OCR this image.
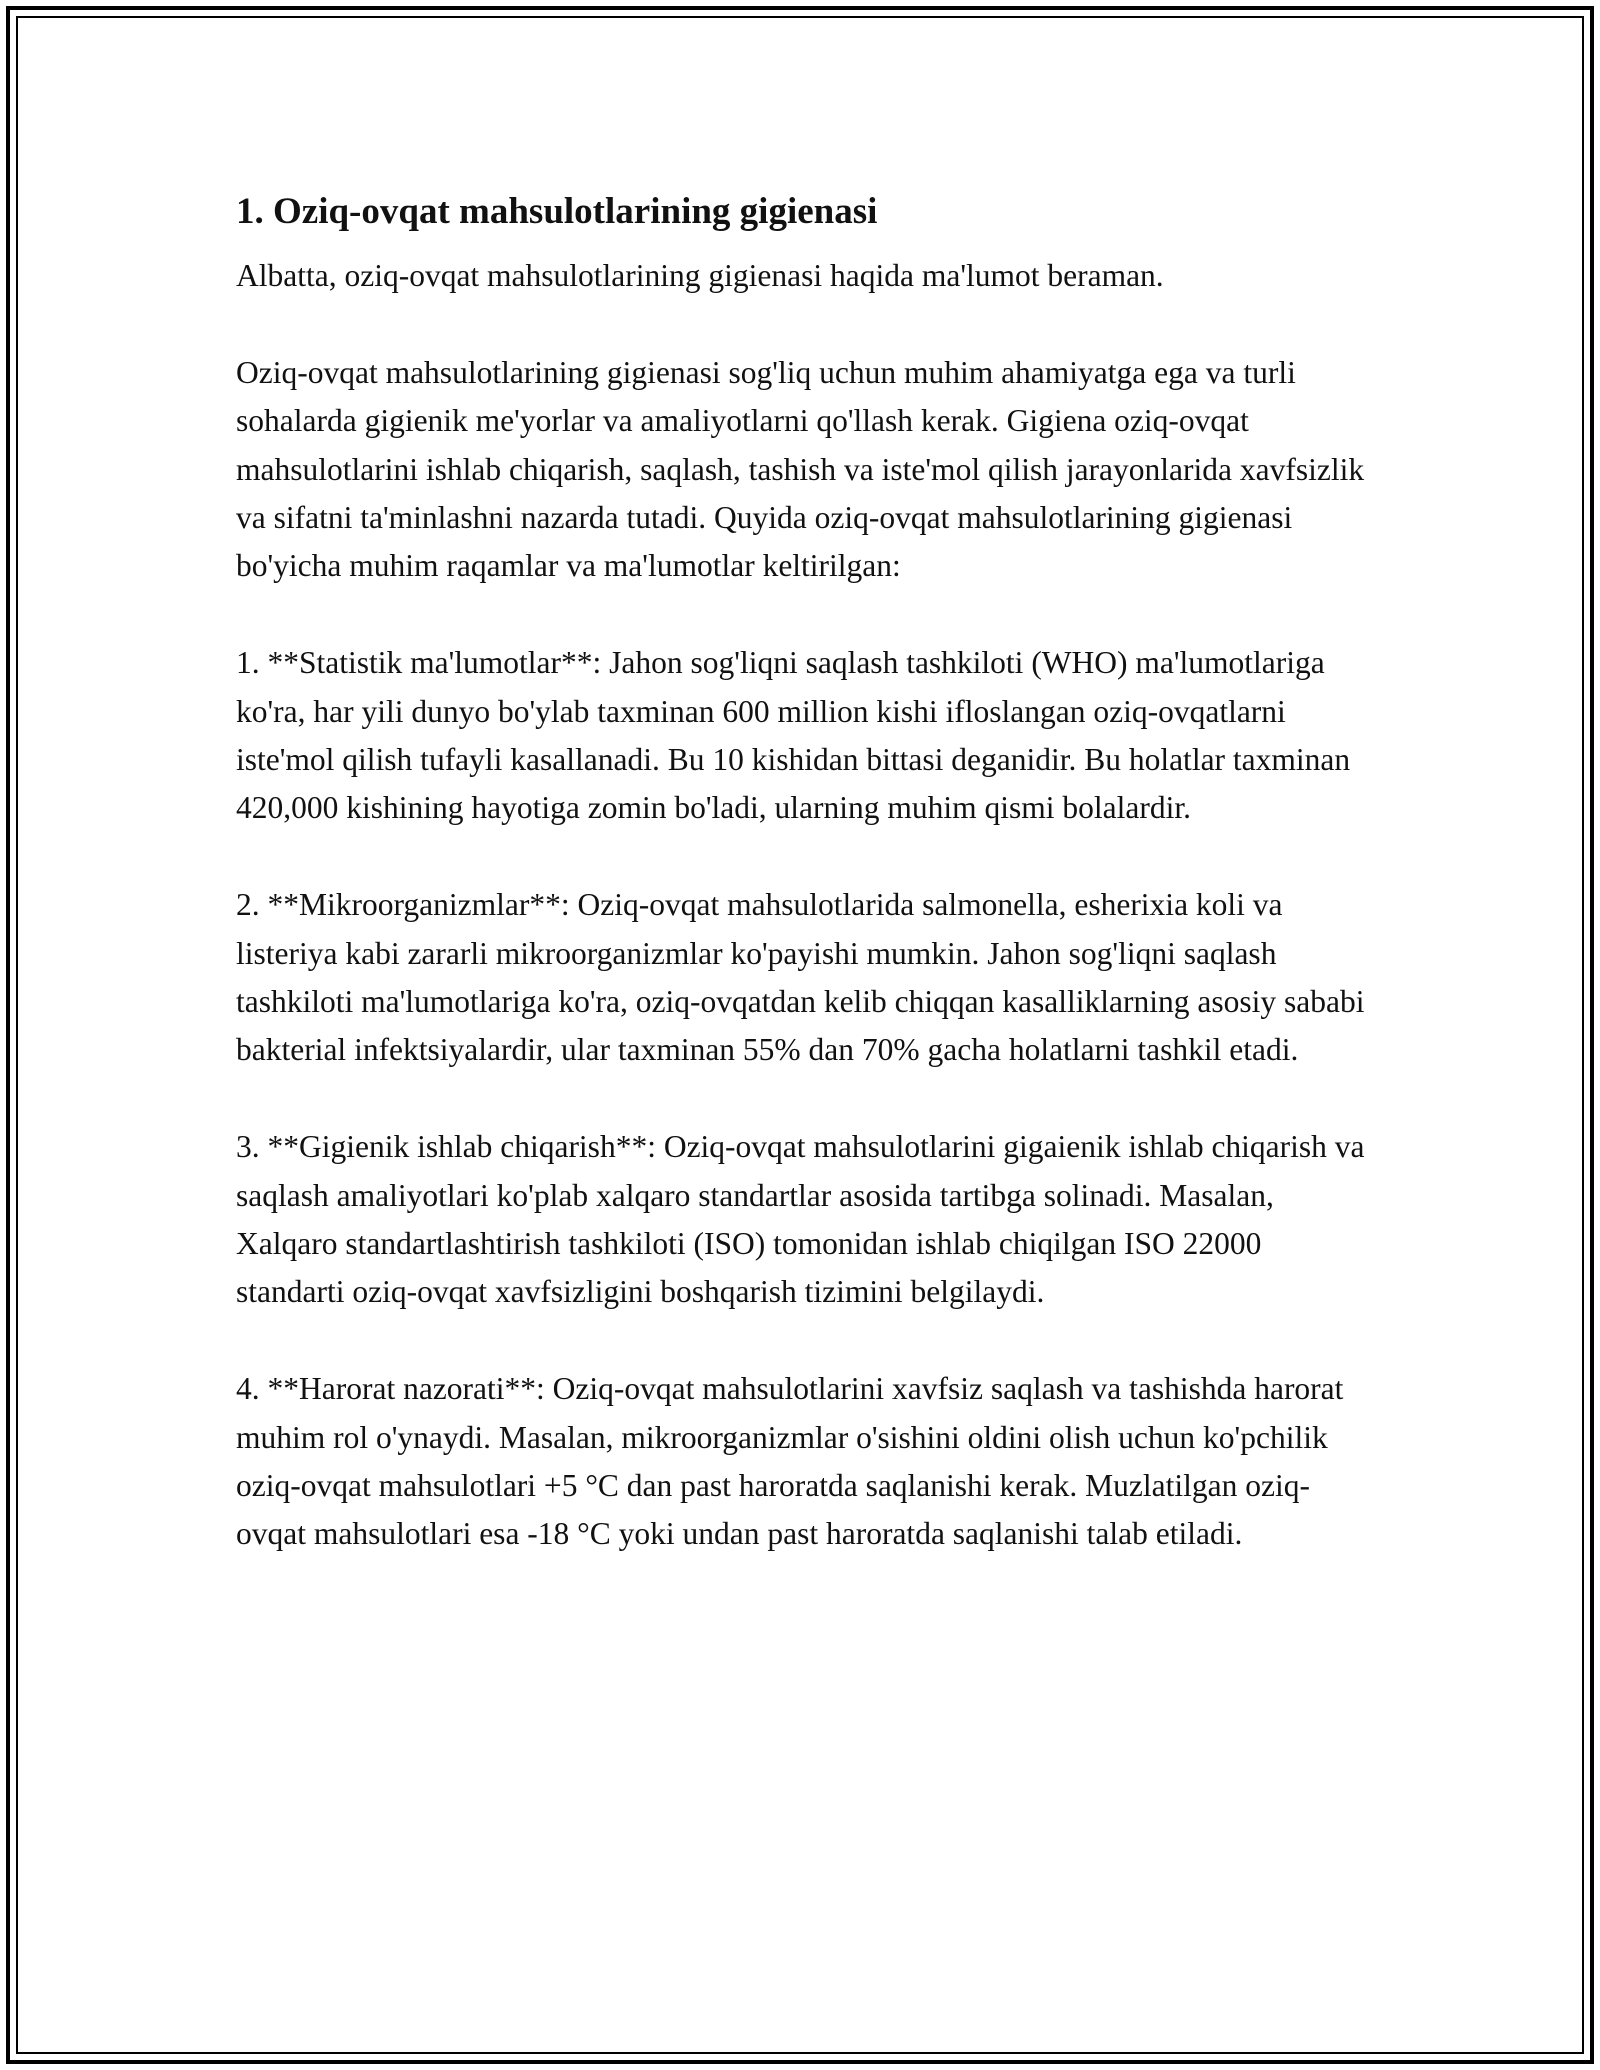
1. Oziq-ovqat mahsulotlarining gigienasi

Albatta, oziq-ovqat mahsulotlarining gigienasi haqida ma'lumot beraman.

Oziq-ovqat mahsulotlarining gigienasi sog'liq uchun muhim ahamiyatga ega va turli sohalarda gigienik me'yorlar va amaliyotlarni qo'llash kerak. Gigiena oziq-ovqat mahsulotlarini ishlab chiqarish, saqlash, tashish va iste'mol qilish jarayonlarida xavfsizlik va sifatni ta'minlashni nazarda tutadi. Quyida oziq-ovqat mahsulotlarining gigienasi bo'yicha muhim raqamlar va ma'lumotlar keltirilgan:

1. **Statistik ma'lumotlar**: Jahon sog'liqni saqlash tashkiloti (WHO) ma'lumotlariga ko'ra, har yili dunyo bo'ylab taxminan 600 million kishi ifloslangan oziq-ovqatlarni iste'mol qilish tufayli kasallanadi. Bu 10 kishidan bittasi deganidir. Bu holatlar taxminan 420,000 kishining hayotiga zomin bo'ladi, ularning muhim qismi bolalardir.

2. **Mikroorganizmlar**: Oziq-ovqat mahsulotlarida salmonella, esherixia koli va listeriya kabi zararli mikroorganizmlar ko'payishi mumkin. Jahon sog'liqni saqlash tashkiloti ma'lumotlariga ko'ra, oziq-ovqatdan kelib chiqqan kasalliklarning asosiy sababi bakterial infektsiyalardir, ular taxminan 55% dan 70% gacha holatlarni tashkil etadi.

3. **Gigienik ishlab chiqarish**: Oziq-ovqat mahsulotlarini gigaienik ishlab chiqarish va saqlash amaliyotlari ko'plab xalqaro standartlar asosida tartibga solinadi. Masalan, Xalqaro standartlashtirish tashkiloti (ISO) tomonidan ishlab chiqilgan ISO 22000 standarti oziq-ovqat xavfsizligini boshqarish tizimini belgilaydi.

4. **Harorat nazorati**: Oziq-ovqat mahsulotlarini xavfsiz saqlash va tashishda harorat muhim rol o'ynaydi. Masalan, mikroorganizmlar o'sishini oldini olish uchun ko'pchilik oziq-ovqat mahsulotlari +5 °C dan past haroratda saqlanishi kerak. Muzlatilgan oziq-ovqat mahsulotlari esa -18 °C yoki undan past haroratda saqlanishi talab etiladi.
